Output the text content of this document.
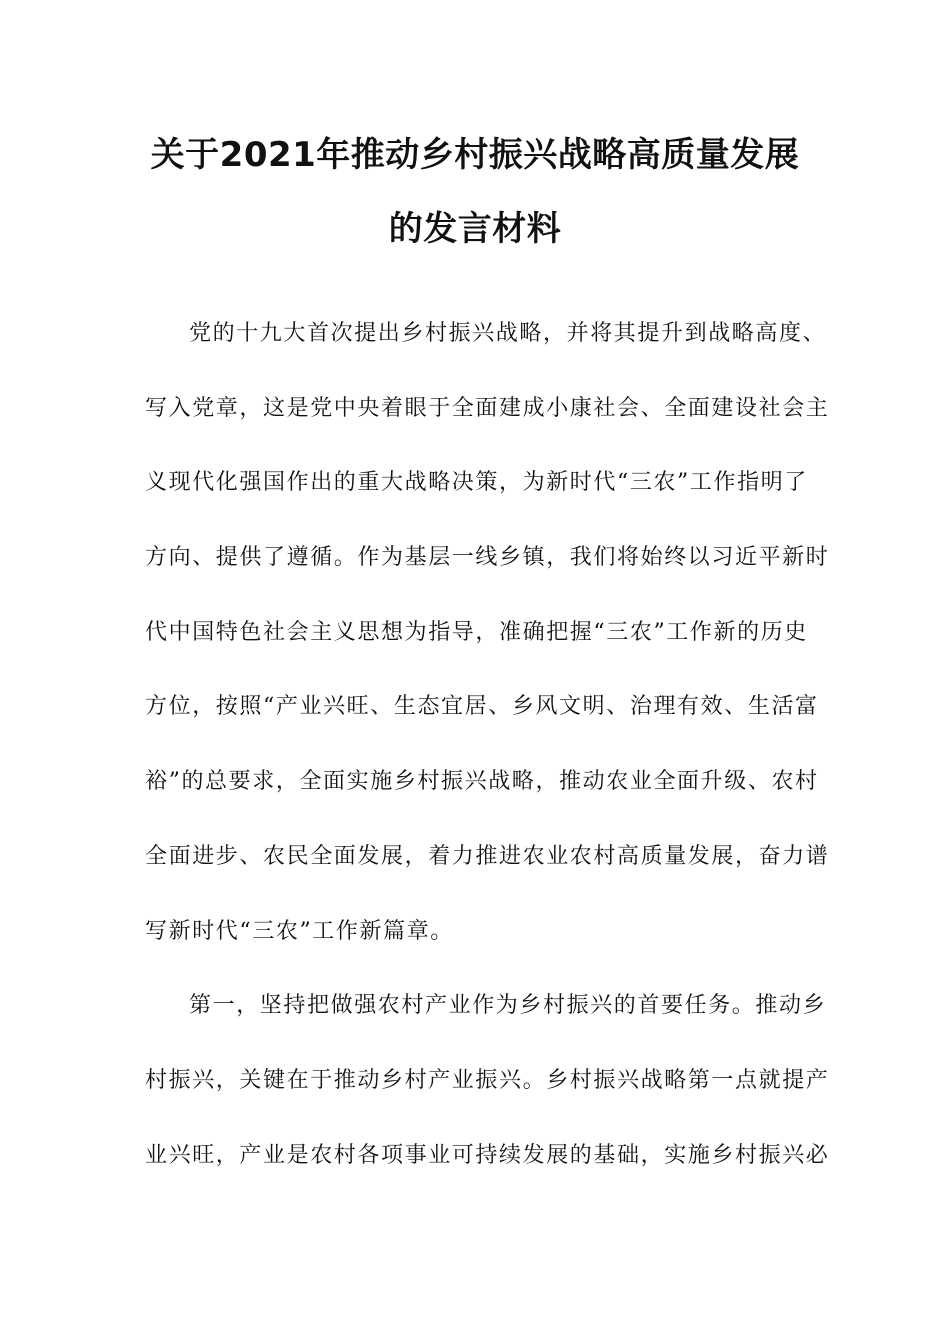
关于2021年推动乡村振兴战略高质量发展
的发言材料
党的十九大首次提出乡村振兴战略，并将其提升到战略高度、
写入党章，这是党中央着眼于全面建成小康社会、全面建设社会主
义现代化强国作出的重大战略决策，为新时代“三农”工作指明了
方向、提供了遵循。作为基层一线乡镇，我们将始终以习近平新时
代中国特色社会主义思想为指导，准确把握“三农”工作新的历史
方位，按照“产业兴旺、生态宜居、乡风文明、治理有效、生活富
裕”的总要求，全面实施乡村振兴战略，推动农业全面升级、农村
全面进步、农民全面发展，着力推进农业农村高质量发展，奋力谱
写新时代“三农”工作新篇章。
第一，坚持把做强农村产业作为乡村振兴的首要任务。推动乡
村振兴，关键在于推动乡村产业振兴。乡村振兴战略第一点就提产
业兴旺，产业是农村各项事业可持续发展的基础，实施乡村振兴必
